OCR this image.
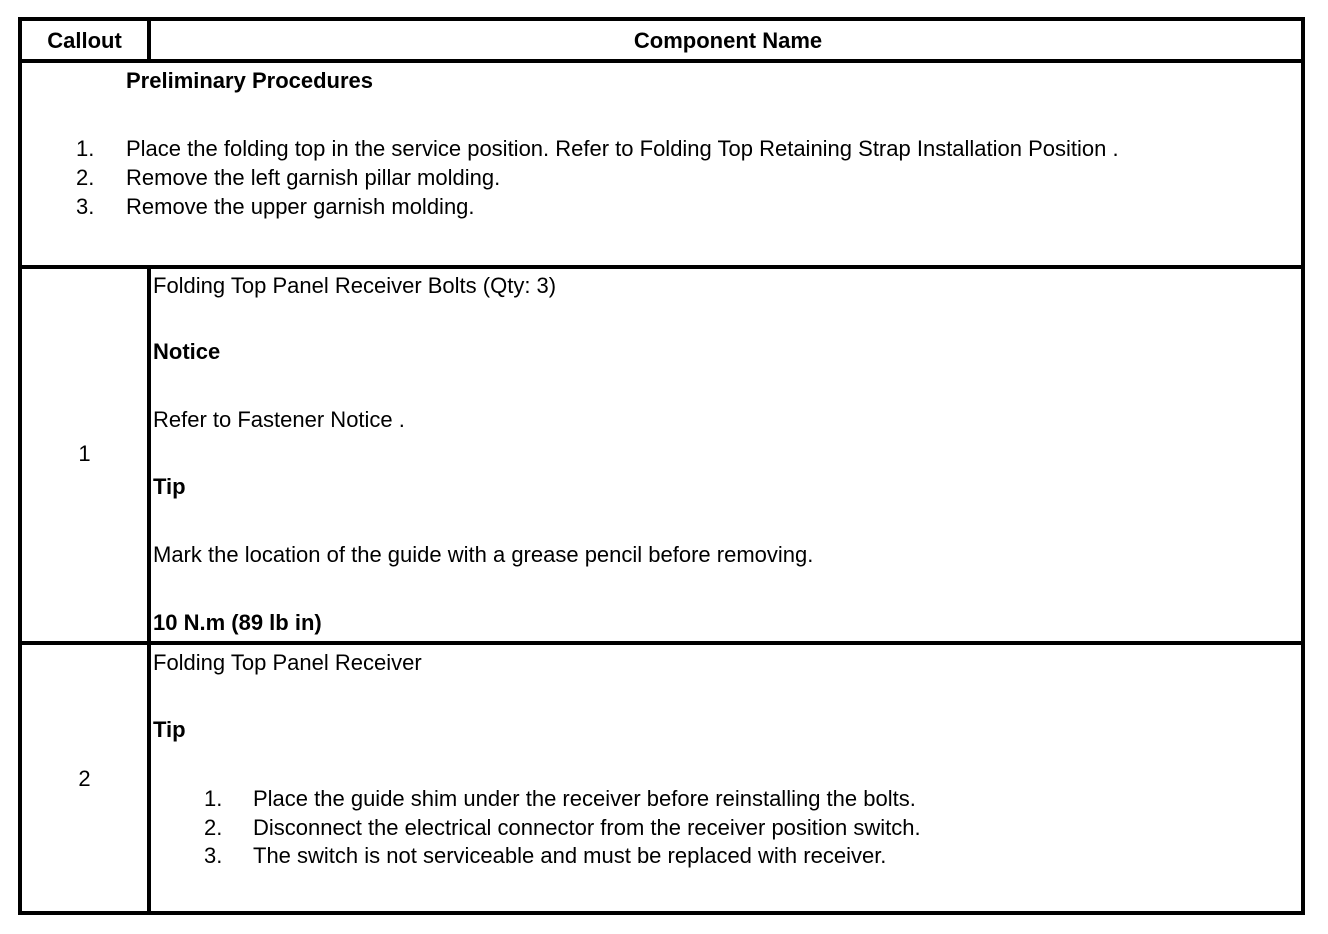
Callout	Component Name
Preliminary Procedures
1. Place the folding top in the service position. Refer to Folding Top Retaining Strap Installation Position .
2. Remove the left garnish pillar molding.
3. Remove the upper garnish molding.
1
Folding Top Panel Receiver Bolts (Qty: 3)
Notice
Refer to Fastener Notice .
Tip
Mark the location of the guide with a grease pencil before removing.
10 N.m (89 lb in)
2
Folding Top Panel Receiver
Tip
1. Place the guide shim under the receiver before reinstalling the bolts.
2. Disconnect the electrical connector from the receiver position switch.
3. The switch is not serviceable and must be replaced with receiver.
